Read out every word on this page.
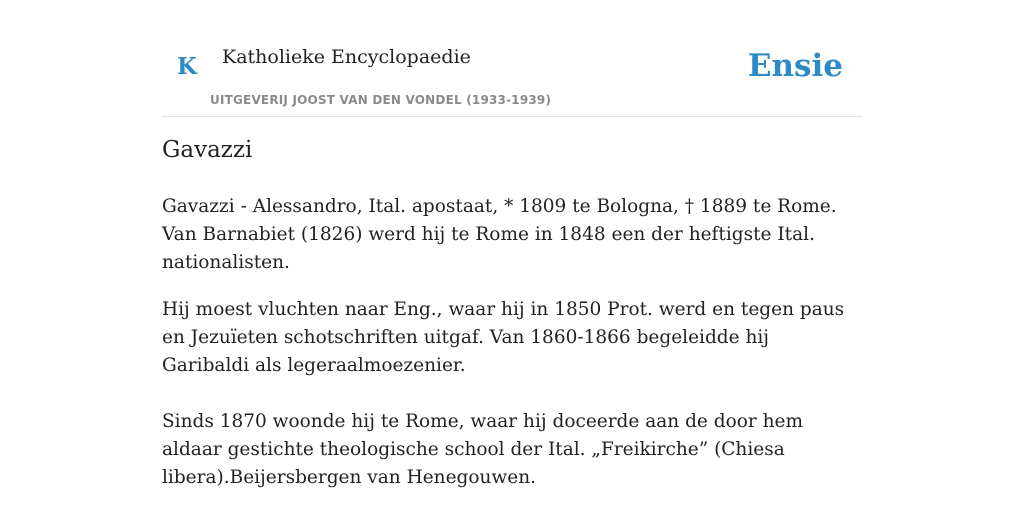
K Katholieke Encyclopaedie
UITGEVERIJ JOOST VAN DEN VONDEL (1933-1939)
Ensie
Gavazzi

Gavazzi - Alessandro, Ital. apostaat, * 1809 te Bologna, † 1889 te Rome. Van Barnabiet (1826) werd hij te Rome in 1848 een der heftigste Ital. nationalisten.

Hij moest vluchten naar Eng., waar hij in 1850 Prot. werd en tegen paus en Jezuïeten schotschriften uitgaf. Van 1860-1866 begeleidde hij Garibaldi als legeraalmoezenier.

Sinds 1870 woonde hij te Rome, waar hij doceerde aan de door hem aldaar gestichte theologische school der Ital. „Freikirche” (Chiesa libera).Beijersbergen van Henegouwen.
